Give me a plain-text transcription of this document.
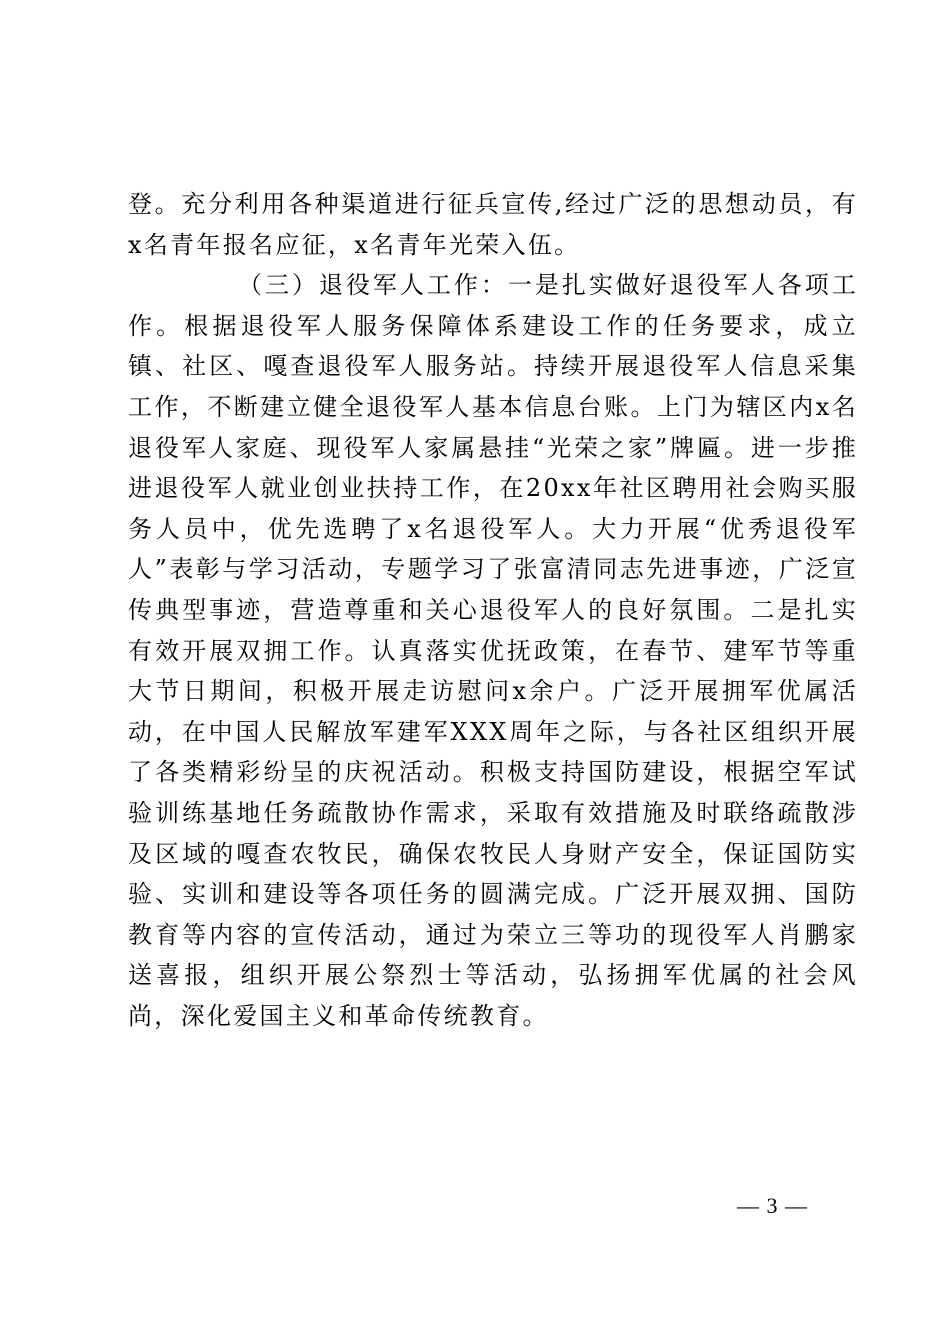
登。充分利用各种渠道进行征兵宣传,经过广泛的思想动员，有x名青年报名应征，x名青年光荣入伍。

（三）退役军人工作：一是扎实做好退役军人各项工作。根据退役军人服务保障体系建设工作的任务要求，成立镇、社区、嘎查退役军人服务站。持续开展退役军人信息采集工作，不断建立健全退役军人基本信息台账。上门为辖区内x名退役军人家庭、现役军人家属悬挂“光荣之家”牌匾。进一步推进退役军人就业创业扶持工作，在20xx年社区聘用社会购买服务人员中，优先选聘了x名退役军人。大力开展“优秀退役军人”表彰与学习活动，专题学习了张富清同志先进事迹，广泛宣传典型事迹，营造尊重和关心退役军人的良好氛围。二是扎实有效开展双拥工作。认真落实优抚政策，在春节、建军节等重大节日期间，积极开展走访慰问x余户。广泛开展拥军优属活动，在中国人民解放军建军XXX周年之际，与各社区组织开展了各类精彩纷呈的庆祝活动。积极支持国防建设，根据空军试验训练基地任务疏散协作需求，采取有效措施及时联络疏散涉及区域的嘎查农牧民，确保农牧民人身财产安全，保证国防实验、实训和建设等各项任务的圆满完成。广泛开展双拥、国防教育等内容的宣传活动，通过为荣立三等功的现役军人肖鹏家送喜报，组织开展公祭烈士等活动，弘扬拥军优属的社会风尚，深化爱国主义和革命传统教育。

— 3 —
